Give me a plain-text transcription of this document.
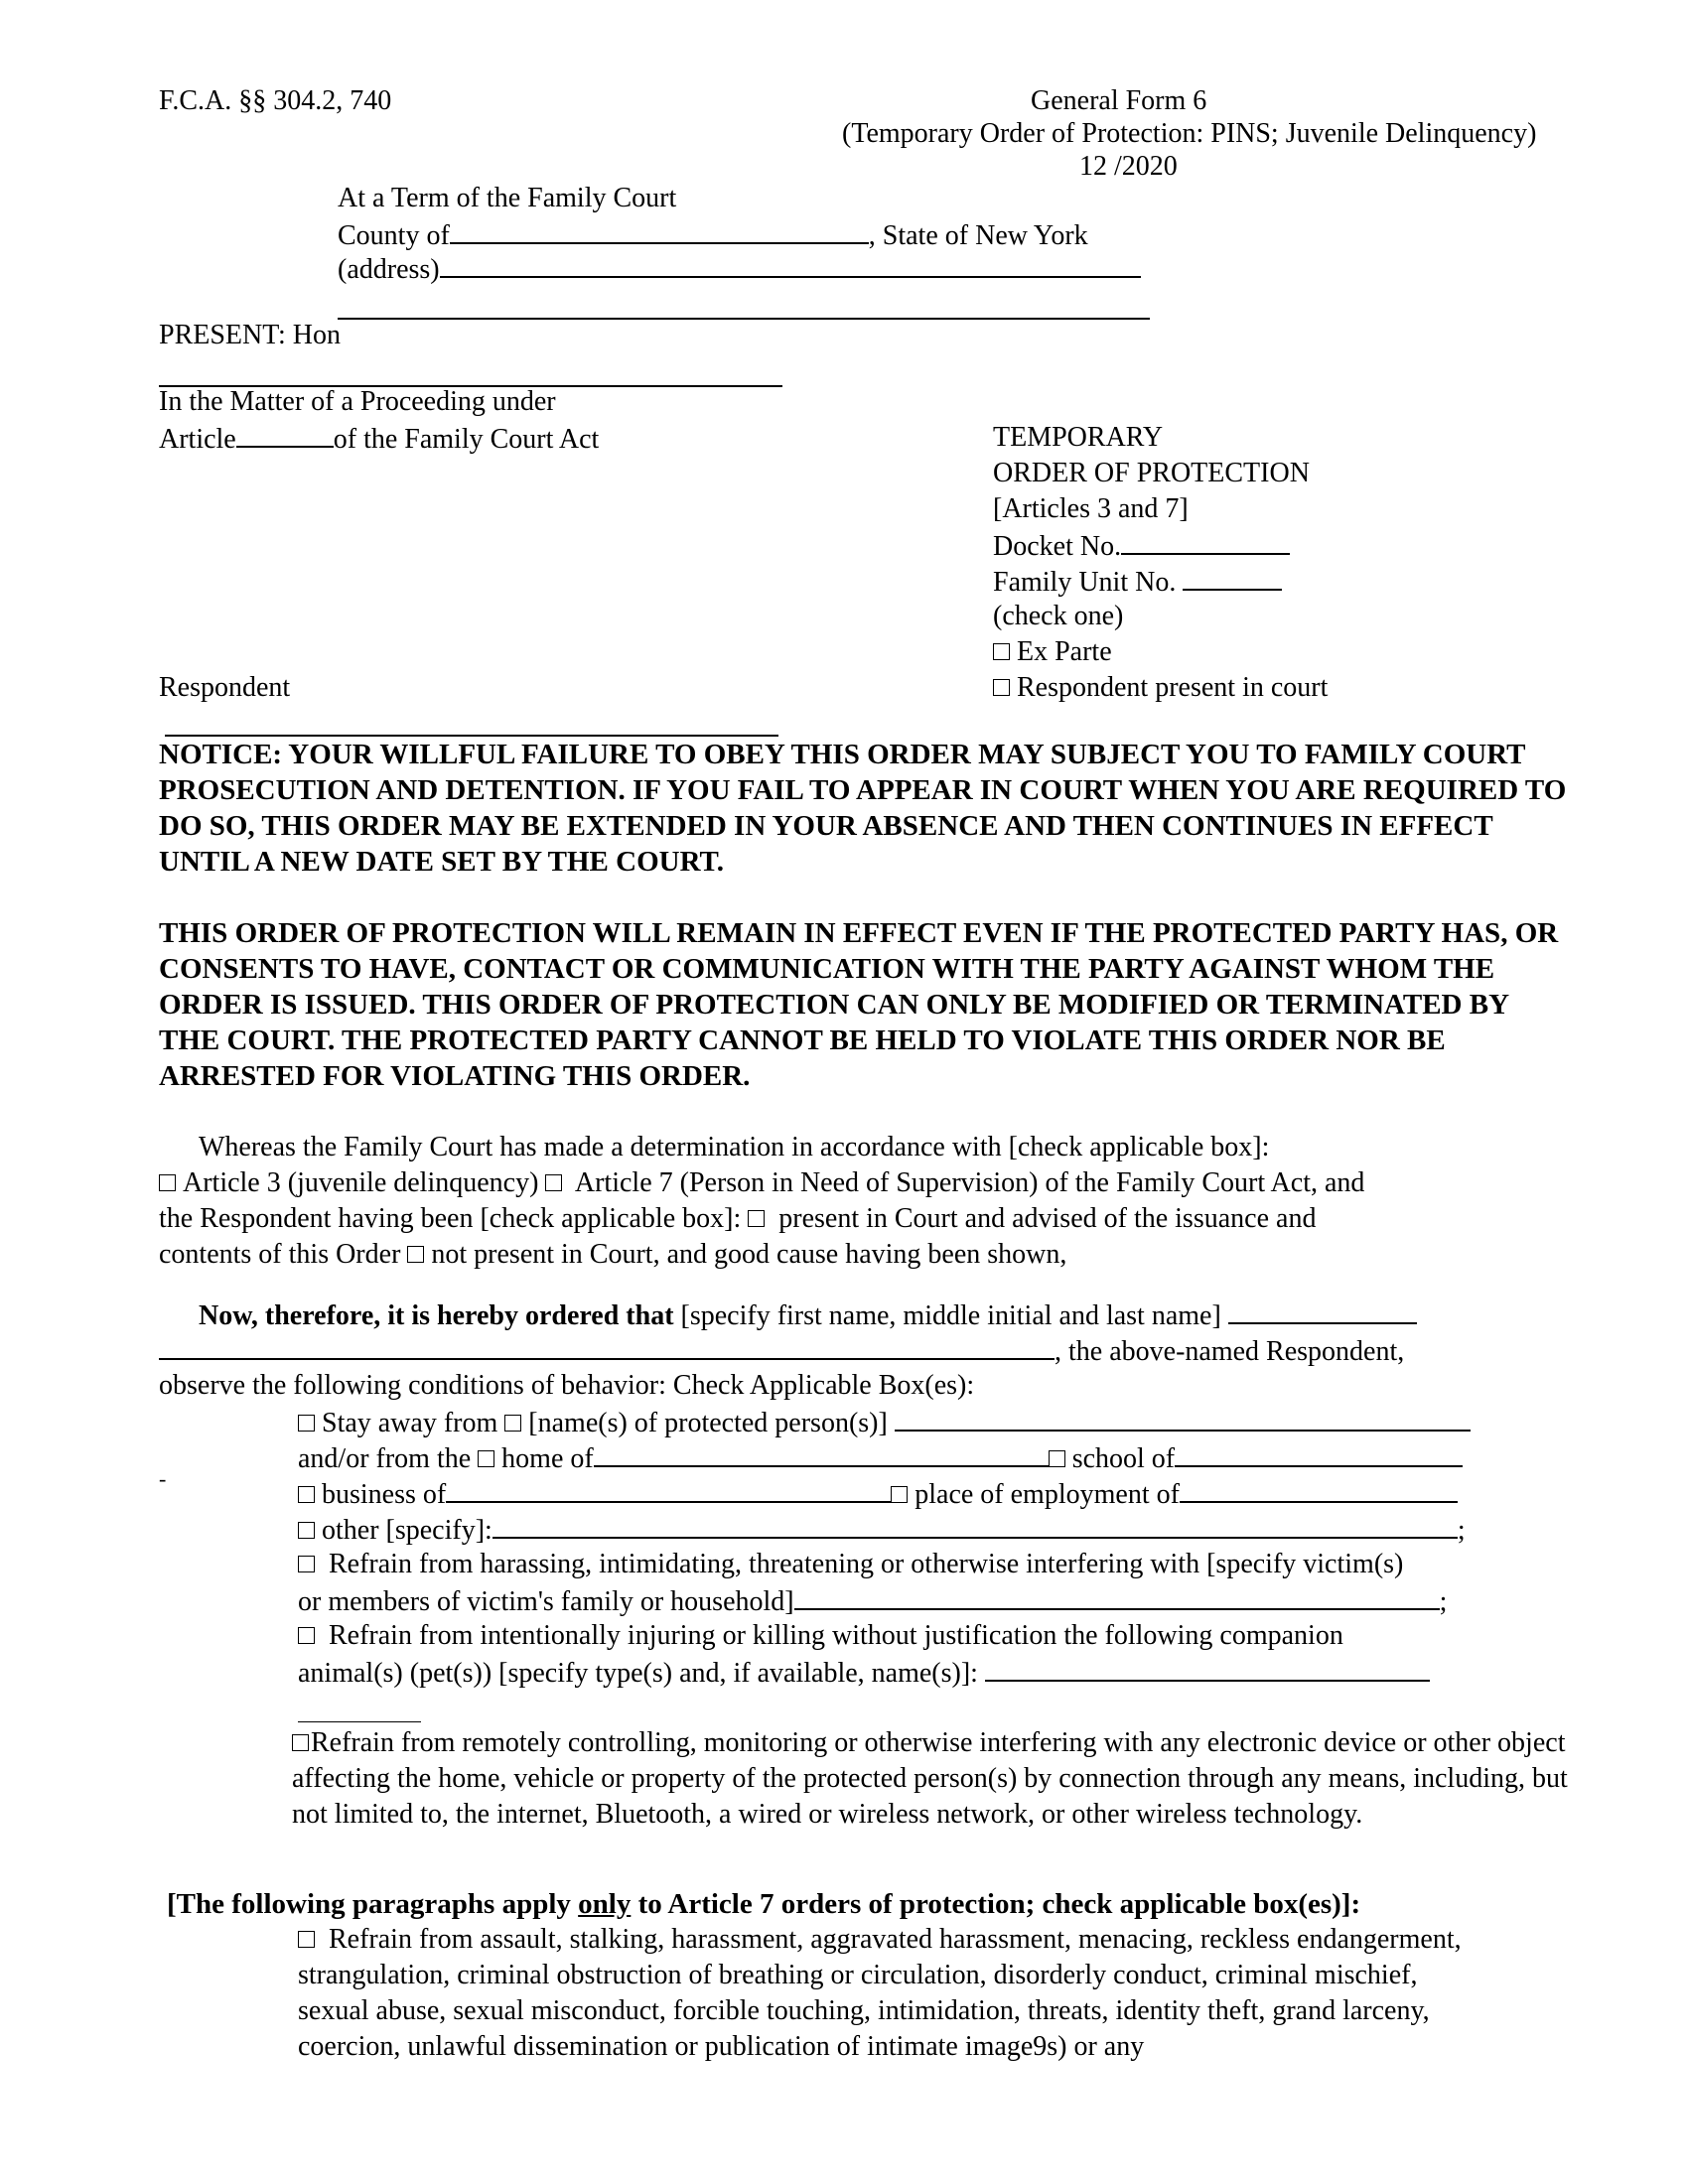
F.C.A. §§ 304.2, 740	General Form 6
(Temporary Order of Protection: PINS; Juvenile Delinquency)
12 /2020
At a Term of the Family Court
County of	, State of New York
(address)
PRESENT: Hon
In the Matter of a Proceeding under
Article	of the Family Court Act
Respondent
TEMPORARY
ORDER OF PROTECTION
[Articles 3 and 7]
Docket No.
Family Unit No.
(check one)
Ex Parte
Respondent present in court
NOTICE: YOUR WILLFUL FAILURE TO OBEY THIS ORDER MAY SUBJECT YOU TO FAMILY COURT PROSECUTION AND DETENTION. IF YOU FAIL TO APPEAR IN COURT WHEN YOU ARE REQUIRED TO DO SO, THIS ORDER MAY BE EXTENDED IN YOUR ABSENCE AND THEN CONTINUES IN EFFECT UNTIL A NEW DATE SET BY THE COURT.
THIS ORDER OF PROTECTION WILL REMAIN IN EFFECT EVEN IF THE PROTECTED PARTY HAS, OR CONSENTS TO HAVE, CONTACT OR COMMUNICATION WITH THE PARTY AGAINST WHOM THE ORDER IS ISSUED. THIS ORDER OF PROTECTION CAN ONLY BE MODIFIED OR TERMINATED BY THE COURT. THE PROTECTED PARTY CANNOT BE HELD TO VIOLATE THIS ORDER NOR BE ARRESTED FOR VIOLATING THIS ORDER.
Whereas the Family Court has made a determination in accordance with [check applicable box]:
Article 3 (juvenile delinquency) Article 7 (Person in Need of Supervision) of the Family Court Act, and
the Respondent having been [check applicable box]: present in Court and advised of the issuance and
contents of this Order not present in Court, and good cause having been shown,
Now, therefore, it is hereby ordered that [specify first name, middle initial and last name]
, the above-named Respondent,
observe the following conditions of behavior: Check Applicable Box(es):
Stay away from [name(s) of protected person(s)]
and/or from the home of	school of
-
business of	place of employment of
other [specify]:	;
Refrain from harassing, intimidating, threatening or otherwise interfering with [specify victim(s)
or members of victim's family or household]	;
Refrain from intentionally injuring or killing without justification the following companion
animal(s) (pet(s)) [specify type(s) and, if available, name(s)]:
Refrain from remotely controlling, monitoring or otherwise interfering with any electronic device or other object affecting the home, vehicle or property of the protected person(s) by connection through any means, including, but not limited to, the internet, Bluetooth, a wired or wireless network, or other wireless technology.
[The following paragraphs apply only to Article 7 orders of protection; check applicable box(es)]:
Refrain from assault, stalking, harassment, aggravated harassment, menacing, reckless endangerment, strangulation, criminal obstruction of breathing or circulation, disorderly conduct, criminal mischief, sexual abuse, sexual misconduct, forcible touching, intimidation, threats, identity theft, grand larceny, coercion, unlawful dissemination or publication of intimate image9s) or any
